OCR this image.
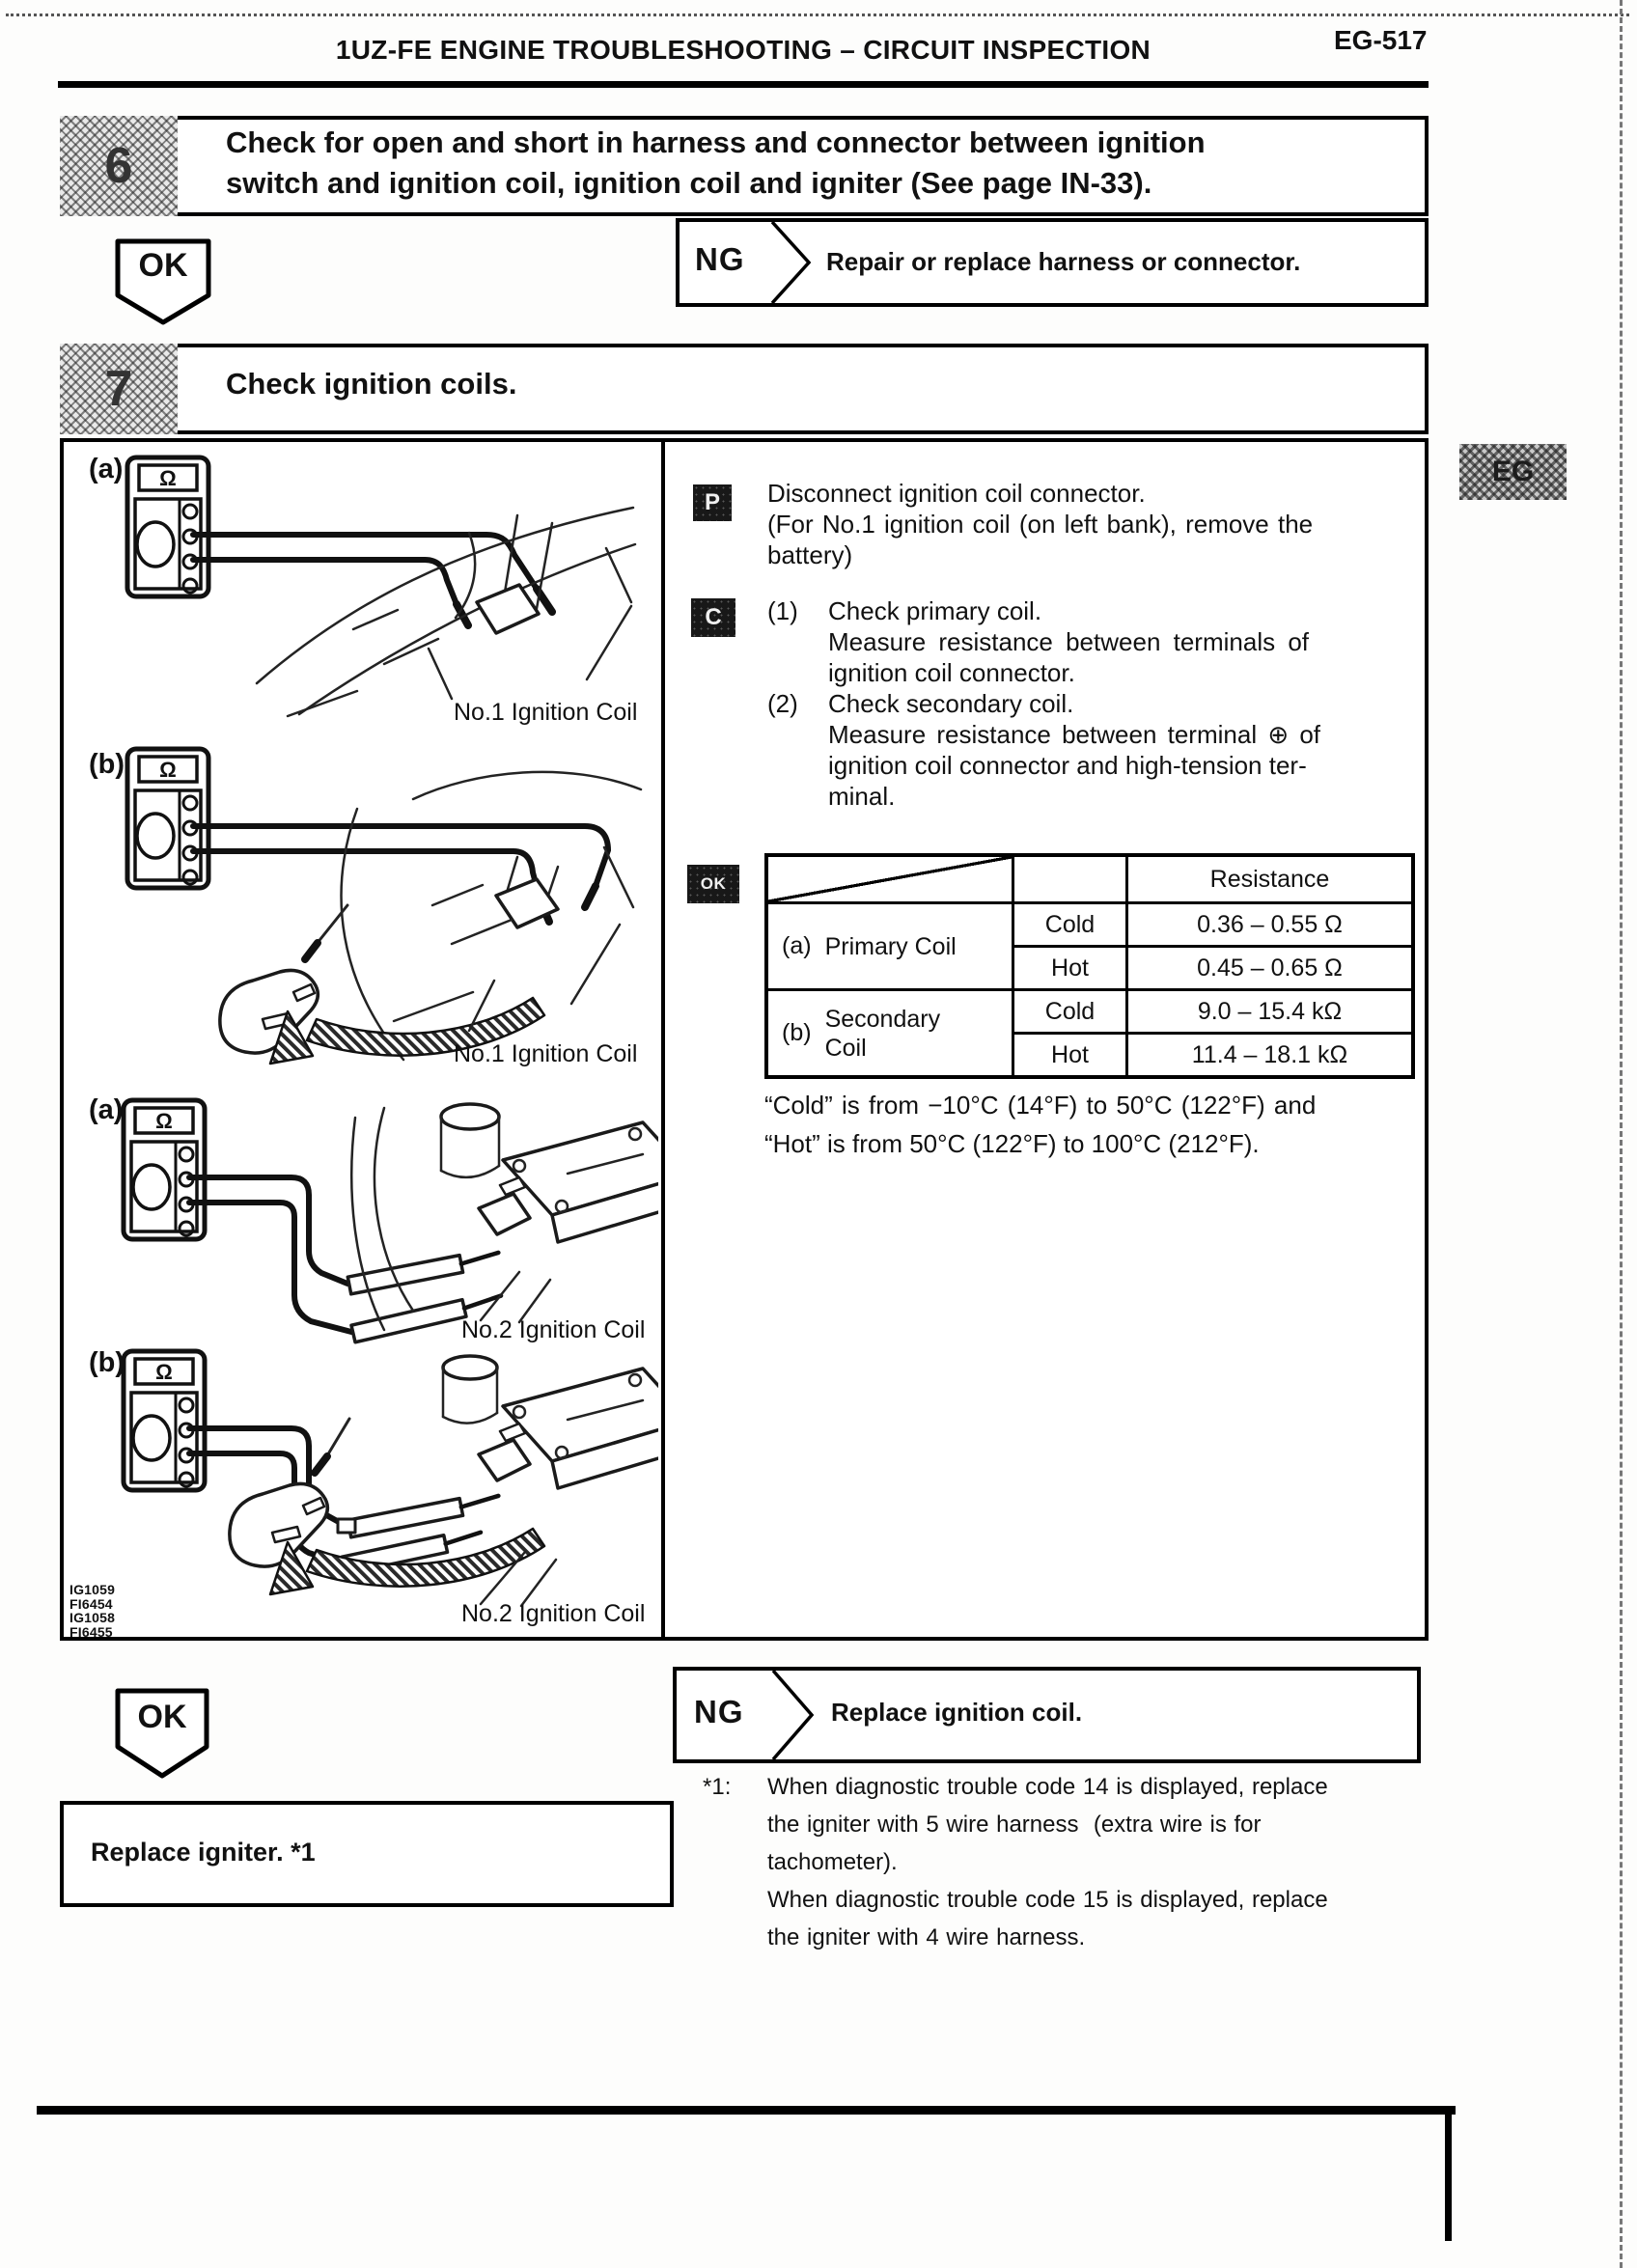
1UZ-FE ENGINE TROUBLESHOOTING – CIRCUIT INSPECTION	EG-517
6	Check for open and short in harness and connector between ignition
switch and ignition coil, ignition coil and igniter (See page IN-33).
OK	NG	Repair or replace harness or connector.
7	Check ignition coils.
EG
(a)
(b)
(a)
(b)
Ω
Ω
Ω
Ω
No.1 Ignition Coil
No.1 Ignition Coil
No.2 Ignition Coil
No.2 Ignition Coil
IG1059
FI6454
IG1058
FI6455
P	Disconnect ignition coil connector.
(For No.1 ignition coil (on left bank), remove the
battery)
C	(1) Check primary coil.
Measure resistance between terminals of
ignition coil connector.
(2) Check secondary coil.
Measure resistance between terminal ⊕ of
ignition coil connector and high-tension ter-
minal.
OK	Resistance
(a) Primary Coil
Cold	0.36 – 0.55 Ω
Hot	0.45 – 0.65 Ω
(b)
Secondary
Coil
Cold	9.0 – 15.4 kΩ
Hot	11.4 – 18.1 kΩ
“Cold” is from −10°C (14°F) to 50°C (122°F) and
“Hot” is from 50°C (122°F) to 100°C (212°F).
NG	Replace ignition coil.
OK
Replace igniter. *1
*1: When diagnostic trouble code 14 is displayed, replace
the igniter with 5 wire harness  (extra wire is for
tachometer).
When diagnostic trouble code 15 is displayed, replace
the igniter with 4 wire harness.
